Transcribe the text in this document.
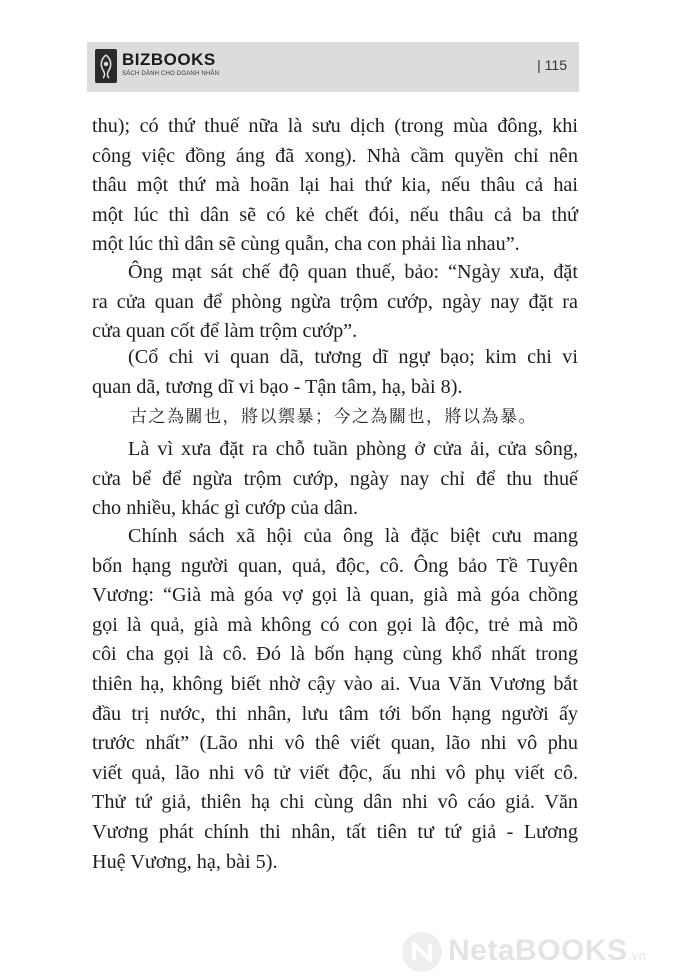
BIZBOOKS
SÁCH DÀNH CHO DOANH NHÂN
| 115

thu); có thứ thuế nữa là sưu dịch (trong mùa đông, khi
công việc đồng áng đã xong). Nhà cầm quyền chỉ nên
thâu một thứ mà hoãn lại hai thứ kia, nếu thâu cả hai
một lúc thì dân sẽ có kẻ chết đói, nếu thâu cả ba thứ
một lúc thì dân sẽ cùng quẫn, cha con phải lìa nhau”.

Ông mạt sát chế độ quan thuế, bảo: “Ngày xưa, đặt
ra cửa quan để phòng ngừa trộm cướp, ngày nay đặt ra
cửa quan cốt để làm trộm cướp”.

(Cổ chi vi quan dã, tương dĩ ngự bạo; kim chi vi
quan dã, tương dĩ vi bạo - Tận tâm, hạ, bài 8).

古之為關也，將以禦暴；今之為關也，將以為暴。

Là vì xưa đặt ra chỗ tuần phòng ở cửa ải, cửa sông,
cửa bể để ngừa trộm cướp, ngày nay chỉ để thu thuế
cho nhiều, khác gì cướp của dân.

Chính sách xã hội của ông là đặc biệt cưu mang
bốn hạng người quan, quả, độc, cô. Ông bảo Tề Tuyên
Vương: “Già mà góa vợ gọi là quan, già mà góa chồng
gọi là quả, già mà không có con gọi là độc, trẻ mà mồ
côi cha gọi là cô. Đó là bốn hạng cùng khổ nhất trong
thiên hạ, không biết nhờ cậy vào ai. Vua Văn Vương bắt
đầu trị nước, thi nhân, lưu tâm tới bốn hạng người ấy
trước nhất” (Lão nhi vô thê viết quan, lão nhi vô phu
viết quả, lão nhi vô tử viết độc, ấu nhi vô phụ viết cô.
Thử tứ giả, thiên hạ chi cùng dân nhi vô cáo giả. Văn
Vương phát chính thi nhân, tất tiên tư tứ giả - Lương
Huệ Vương, hạ, bài 5).

NetaBOOKS.vn
